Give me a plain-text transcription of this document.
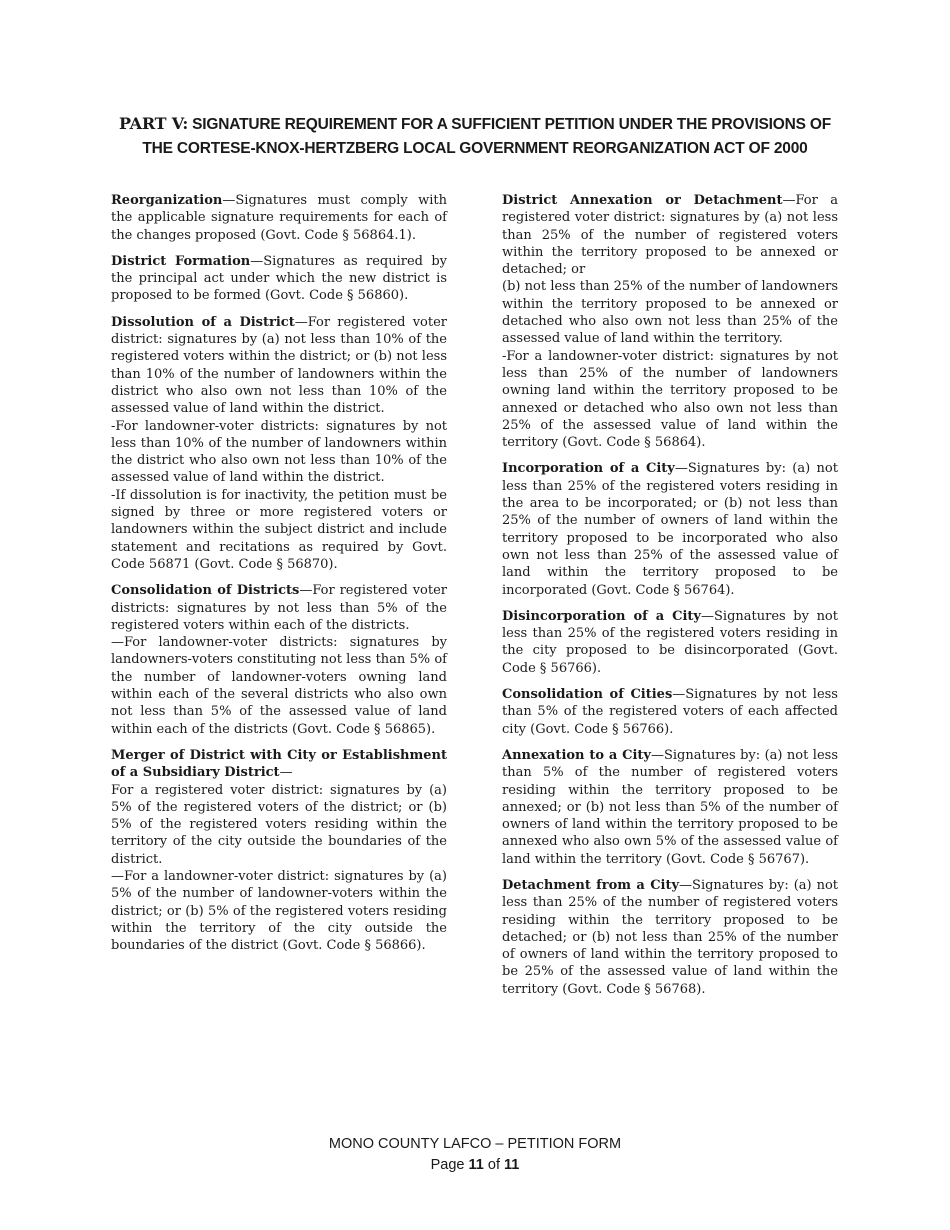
PART V: SIGNATURE REQUIREMENT FOR A SUFFICIENT PETITION UNDER THE PROVISIONS OF THE CORTESE-KNOX-HERTZBERG LOCAL GOVERNMENT REORGANIZATION ACT OF 2000

Reorganization—Signatures must comply with the applicable signature requirements for each of the changes proposed (Govt. Code § 56864.1).

District Formation—Signatures as required by the principal act under which the new district is proposed to be formed (Govt. Code § 56860).

Dissolution of a District—For registered voter district: signatures by (a) not less than 10% of the registered voters within the district; or (b) not less than 10% of the number of landowners within the district who also own not less than 10% of the assessed value of land within the district.

-For landowner-voter districts: signatures by not less than 10% of the number of landowners within the district who also own not less than 10% of the assessed value of land within the district.

-If dissolution is for inactivity, the petition must be signed by three or more registered voters or landowners within the subject district and include statement and recitations as required by Govt. Code 56871 (Govt. Code § 56870).

Consolidation of Districts—For registered voter districts: signatures by not less than 5% of the registered voters within each of the districts.

—For landowner-voter districts: signatures by landowners-voters constituting not less than 5% of the number of landowner-voters owning land within each of the several districts who also own not less than 5% of the assessed value of land within each of the districts (Govt. Code § 56865).

Merger of District with City or Establishment of a Subsidiary District—

For a registered voter district: signatures by (a) 5% of the registered voters of the district; or (b) 5% of the registered voters residing within the territory of the city outside the boundaries of the district.

—For a landowner-voter district: signatures by (a) 5% of the number of landowner-voters within the district; or (b) 5% of the registered voters residing within the territory of the city outside the boundaries of the district (Govt. Code § 56866).

District Annexation or Detachment—For a registered voter district: signatures by (a) not less than 25% of the number of registered voters within the territory proposed to be annexed or detached; or

(b) not less than 25% of the number of landowners within the territory proposed to be annexed or detached who also own not less than 25% of the assessed value of land within the territory.

-For a landowner-voter district: signatures by not less than 25% of the number of landowners owning land within the territory proposed to be annexed or detached who also own not less than 25% of the assessed value of land within the territory (Govt. Code § 56864).

Incorporation of a City—Signatures by: (a) not less than 25% of the registered voters residing in the area to be incorporated; or (b) not less than 25% of the number of owners of land within the territory proposed to be incorporated who also own not less than 25% of the assessed value of land within the territory proposed to be incorporated (Govt. Code § 56764).

Disincorporation of a City—Signatures by not less than 25% of the registered voters residing in the city proposed to be disincorporated (Govt. Code § 56766).

Consolidation of Cities—Signatures by not less than 5% of the registered voters of each affected city (Govt. Code § 56766).

Annexation to a City—Signatures by: (a) not less than 5% of the number of registered voters residing within the territory proposed to be annexed; or (b) not less than 5% of the number of owners of land within the territory proposed to be annexed who also own 5% of the assessed value of land within the territory (Govt. Code § 56767).

Detachment from a City—Signatures by: (a) not less than 25% of the number of registered voters residing within the territory proposed to be detached; or (b) not less than 25% of the number of owners of land within the territory proposed to be 25% of the assessed value of land within the territory (Govt. Code § 56768).

MONO COUNTY LAFCO – PETITION FORM
Page 11 of 11
